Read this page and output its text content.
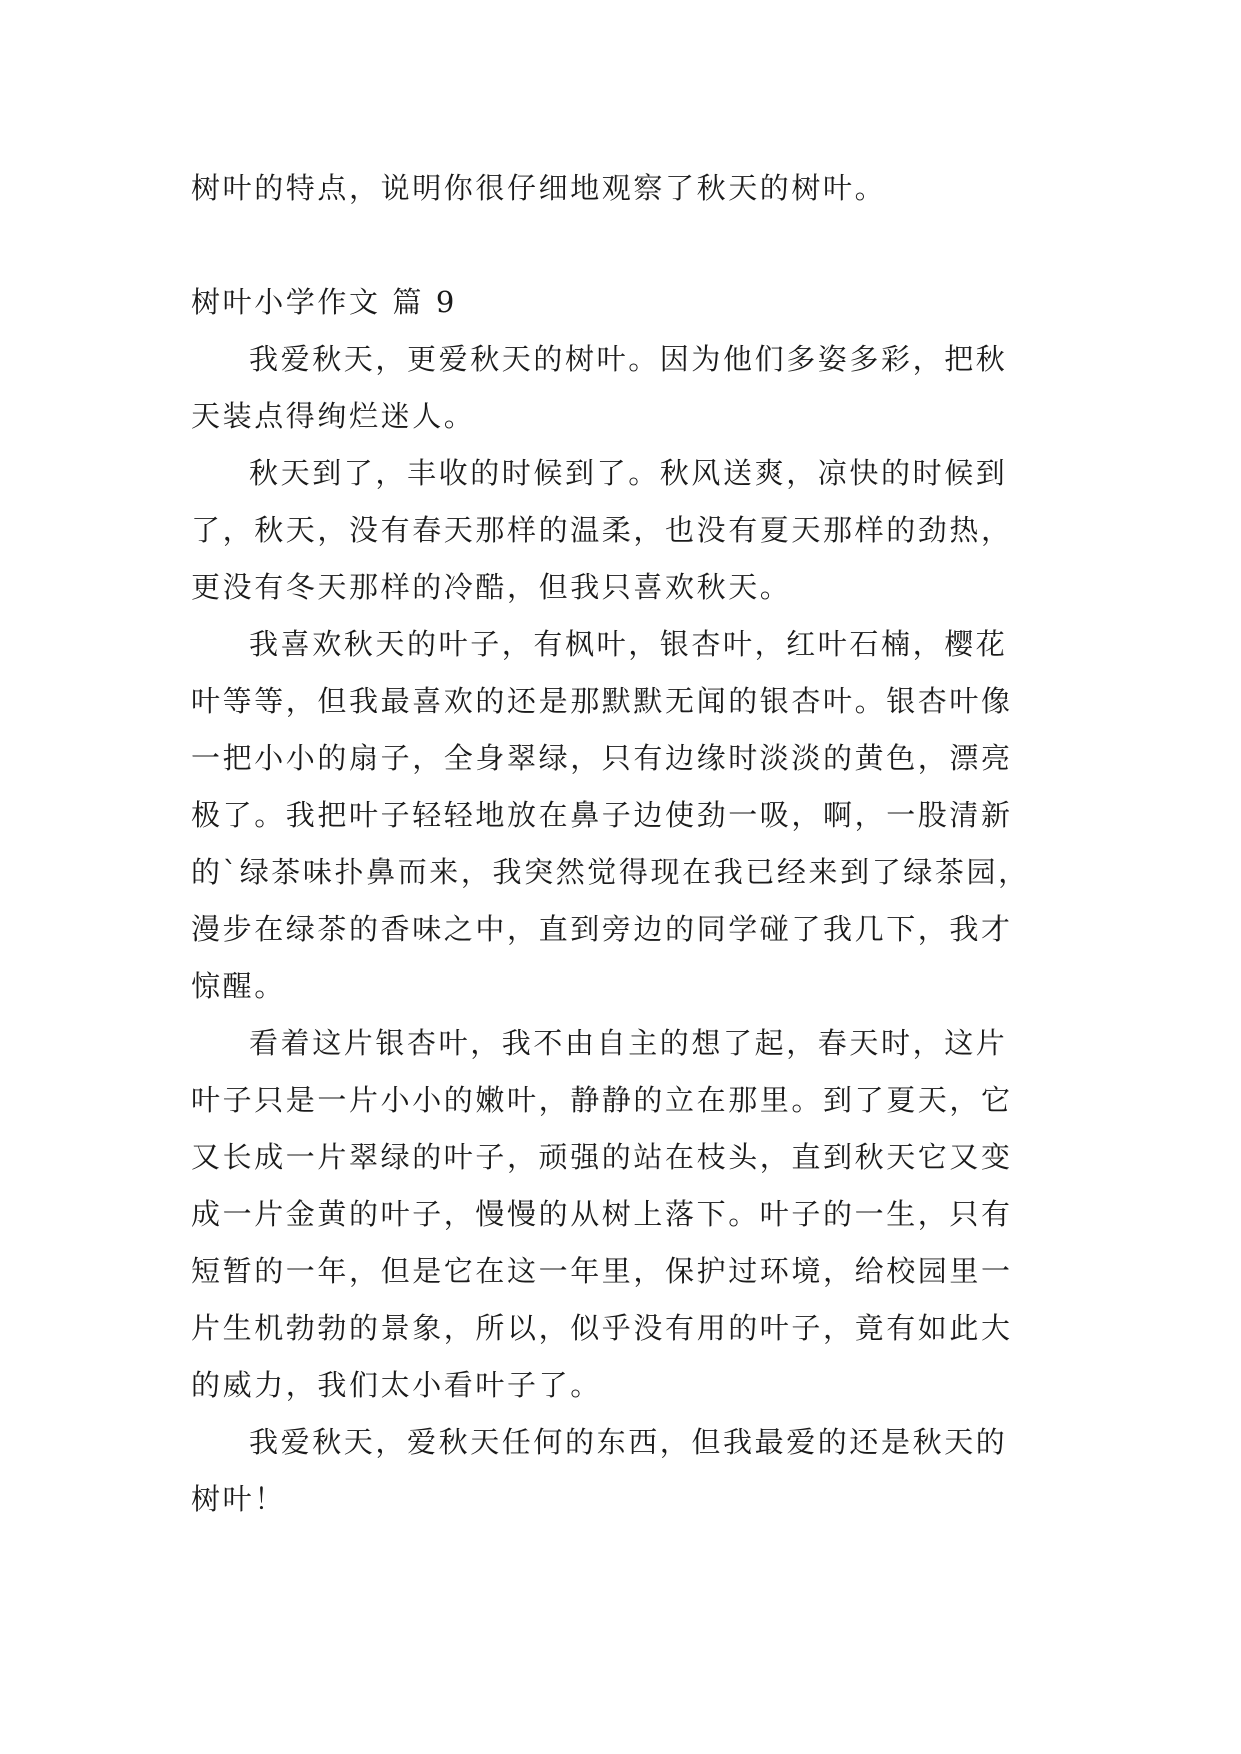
树叶的特点，说明你很仔细地观察了秋天的树叶。
树叶小学作文 篇 9
我爱秋天，更爱秋天的树叶。因为他们多姿多彩，把秋
天装点得绚烂迷人。
秋天到了，丰收的时候到了。秋风送爽，凉快的时候到
了，秋天，没有春天那样的温柔，也没有夏天那样的劲热，
更没有冬天那样的冷酷，但我只喜欢秋天。
我喜欢秋天的叶子，有枫叶，银杏叶，红叶石楠，樱花
叶等等，但我最喜欢的还是那默默无闻的银杏叶。银杏叶像
一把小小的扇子，全身翠绿，只有边缘时淡淡的黄色，漂亮
极了。我把叶子轻轻地放在鼻子边使劲一吸，啊，一股清新
的`绿茶味扑鼻而来，我突然觉得现在我已经来到了绿茶园，
漫步在绿茶的香味之中，直到旁边的同学碰了我几下，我才
惊醒。
看着这片银杏叶，我不由自主的想了起，春天时，这片
叶子只是一片小小的嫩叶，静静的立在那里。到了夏天，它
又长成一片翠绿的叶子，顽强的站在枝头，直到秋天它又变
成一片金黄的叶子，慢慢的从树上落下。叶子的一生，只有
短暂的一年，但是它在这一年里，保护过环境，给校园里一
片生机勃勃的景象，所以，似乎没有用的叶子，竟有如此大
的威力，我们太小看叶子了。
我爱秋天，爱秋天任何的东西，但我最爱的还是秋天的
树叶！
